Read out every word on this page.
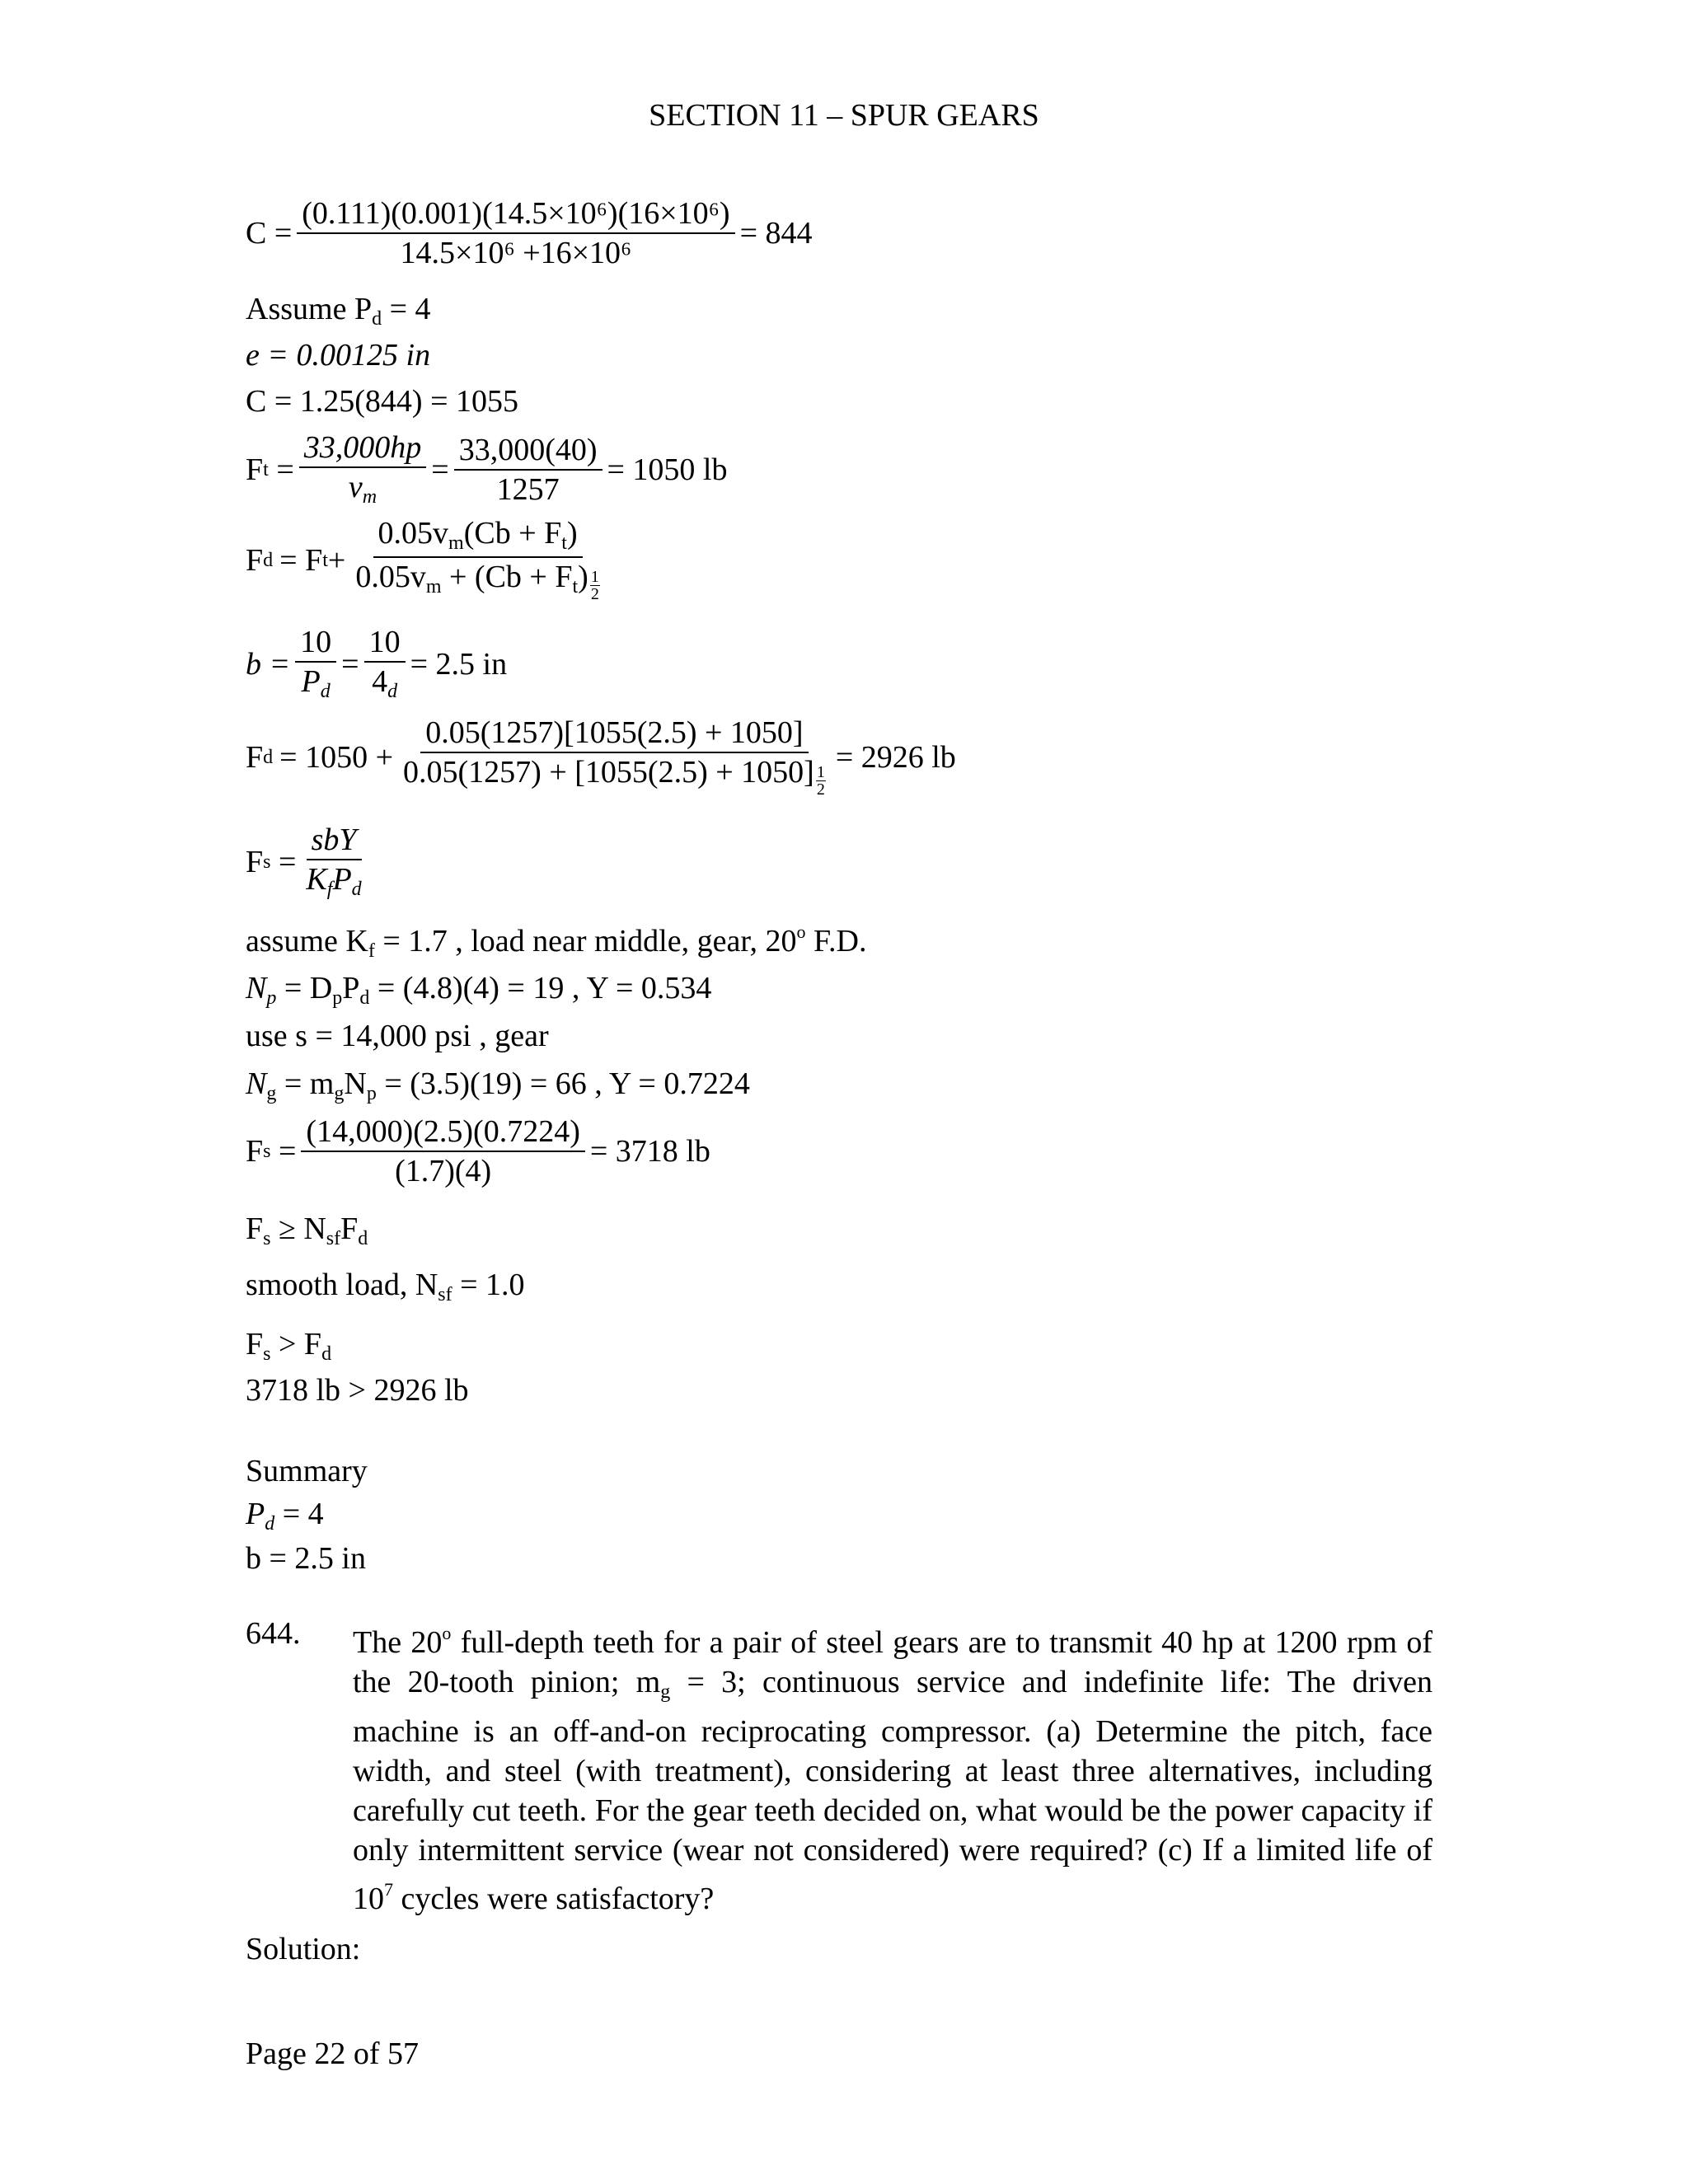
SECTION 11 – SPUR GEARS
$C = \frac{\text{(0.111)(0.001)(14.5×10⁶)(16×10⁶)}}{\text{14.5×10⁶ +16×10⁶}} = 844$
Assume $P_d = 4$
e = 0.00125 in
C = 1.25(844) = 1055
F $t = \frac{33,000hp}{v_m} = \frac{33,000(40)}{1257} = 1050$ lb
F d = F $t + \frac{0.05v_m(Cb + F_t)}{0.05v_m + (Cb + F_t) \frac{1}{2}}$
$b = \frac{10}{P_d} = \frac{10}{4_d} = 2.5$ in
F $d = 1050 + \frac{0.05(1257)[1055(2.5) + 1050]}{0.05(1257) + [1055(2.5) + 1050] \frac{1}{2}} = 2926$ lb
F $s = \frac{\text{sbY}}{K_fP_d}$
assume $K_f = 1.7$ , load near middle, gear, 20$^o$ F.D.
$N_p = D_pP_d = (4.8)(4) = 19$ , Y = 0.534
use s = 14,000 psi , gear
$N_g = m_gN_p = (3.5)(19) = 66$ , Y = 0.7224
F $s = \frac{(14,000)(2.5)(0.7224)}{(1.7)(4)} = 3718$ lb
$F_s \ge N_{sf}F_d$
smooth load, $N_{sf} = 1.0$
$F_s > F_d$
3718 lb > 2926 lb
Summary
$P_d = 4$
b = 2.5 in
644. The 20$^o$ full-depth teeth for a pair of steel gears are to transmit 40 hp at 1200 rpm of the 20-tooth pinion; $m_g = 3$; continuous service and indefinite life: The driven machine is an off-and-on reciprocating compressor. (a) Determine the pitch, face width, and steel (with treatment), considering at least three alternatives, including carefully cut teeth. For the gear teeth decided on, what would be the power capacity if only intermittent service (wear not considered) were required? (c) If a limited life of $10^7$ cycles were satisfactory?
Solution:
Page 22 of 57
